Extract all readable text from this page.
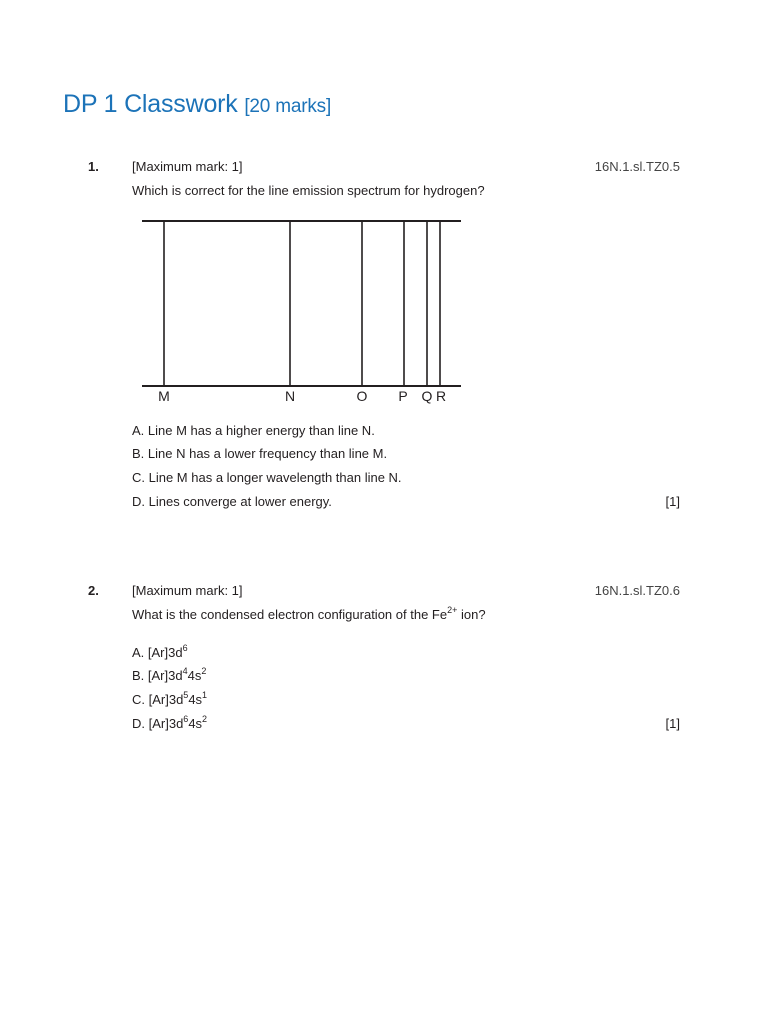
DP 1 Classwork [20 marks]
1.	[Maximum mark: 1]	16N.1.sl.TZ0.5
Which is correct for the line emission spectrum for hydrogen?
M	N	O P Q R
A. Line M has a higher energy than line N.
B. Line N has a lower frequency than line M.
C. Line M has a longer wavelength than line N.
D. Lines converge at lower energy.	[1]
2.	[Maximum mark: 1]	16N.1.sl.TZ0.6
What is the condensed electron configuration of the $Fe^{2+}$ ion?
A. $[Ar]3d^6$
B. $[Ar]3d^44s^2$
C. $[Ar]3d^54s^1$
D. $[Ar]3d^64s^2$	[1]
